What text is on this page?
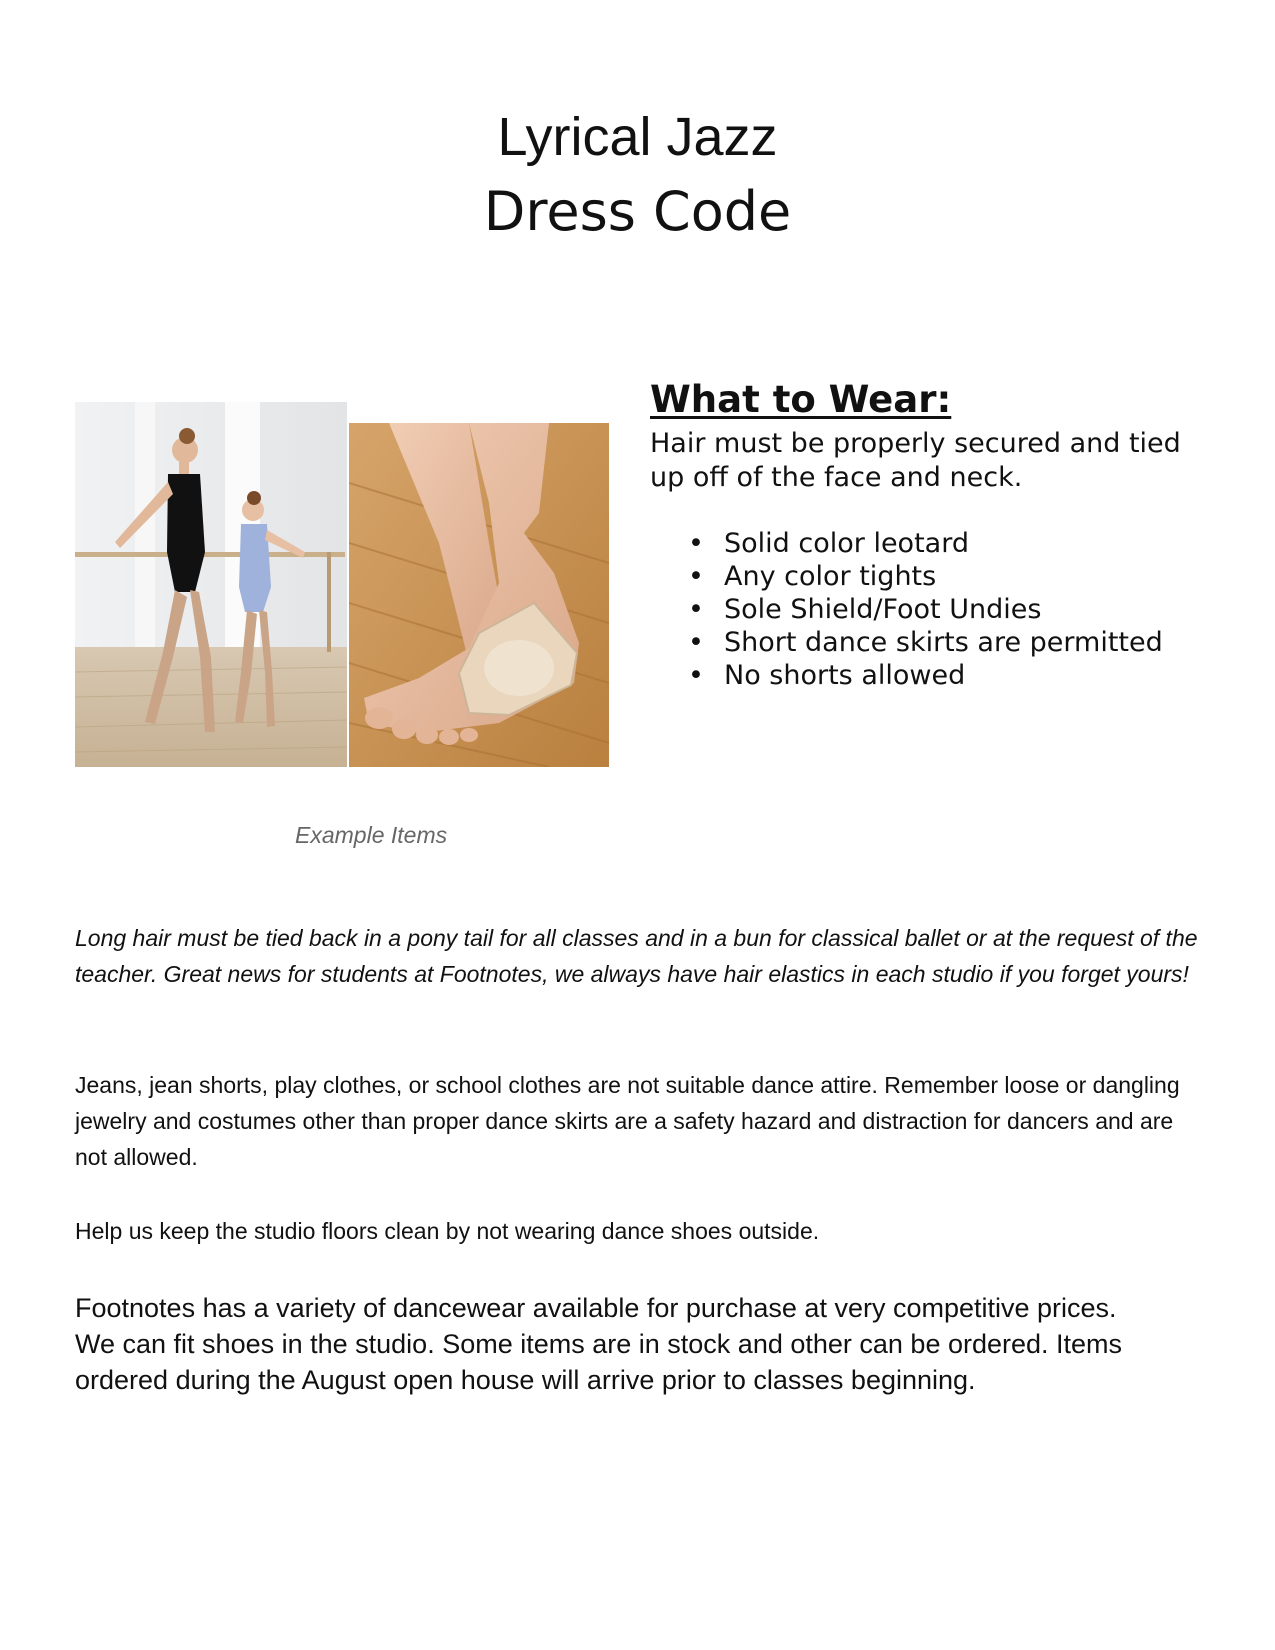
Lyrical Jazz
Dress Code
Example Items
What to Wear:
Hair must be properly secured and tied up off of the face and neck.
• Solid color leotard
• Any color tights
• Sole Shield/Foot Undies
• Short dance skirts are permitted
• No shorts allowed
Long hair must be tied back in a pony tail for all classes and in a bun for classical ballet or at the request of the teacher. Great news for students at Footnotes, we always have hair elastics in each studio if you forget yours!
Jeans, jean shorts, play clothes, or school clothes are not suitable dance attire. Remember loose or dangling jewelry and costumes other than proper dance skirts are a safety hazard and distraction for dancers and are not allowed.
Help us keep the studio floors clean by not wearing dance shoes outside.
Footnotes has a variety of dancewear available for purchase at very competitive prices. We can fit shoes in the studio. Some items are in stock and other can be ordered. Items ordered during the August open house will arrive prior to classes beginning.
